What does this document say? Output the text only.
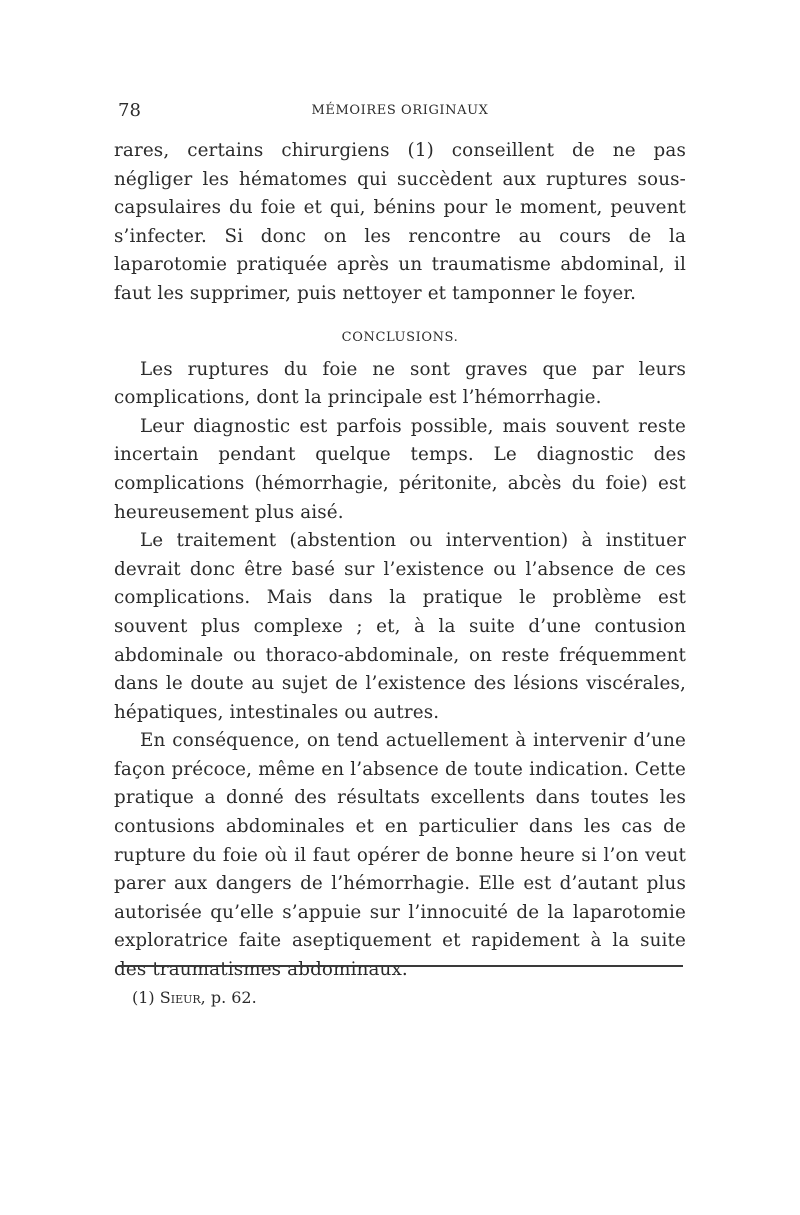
78	MÉMOIRES ORIGINAUX

rares, certains chirurgiens (1) conseillent de ne pas négliger les hématomes qui succèdent aux ruptures sous-capsulaires du foie et qui, bénins pour le moment, peuvent s’infecter. Si donc on les rencontre au cours de la laparotomie pratiquée après un traumatisme abdominal, il faut les supprimer, puis nettoyer et tamponner le foyer.

CONCLUSIONS.

Les ruptures du foie ne sont graves que par leurs complications, dont la principale est l’hémorrhagie.

Leur diagnostic est parfois possible, mais souvent reste incertain pendant quelque temps. Le diagnostic des complications (hémorrhagie, péritonite, abcès du foie) est heureusement plus aisé.

Le traitement (abstention ou intervention) à instituer devrait donc être basé sur l’existence ou l’absence de ces complications. Mais dans la pratique le problème est souvent plus complexe ; et, à la suite d’une contusion abdominale ou thoraco-abdominale, on reste fréquemment dans le doute au sujet de l’existence des lésions viscérales, hépatiques, intestinales ou autres.

En conséquence, on tend actuellement à intervenir d’une façon précoce, même en l’absence de toute indication. Cette pratique a donné des résultats excellents dans toutes les contusions abdominales et en particulier dans les cas de rupture du foie où il faut opérer de bonne heure si l’on veut parer aux dangers de l’hémorrhagie. Elle est d’autant plus autorisée qu’elle s’appuie sur l’innocuité de la laparotomie exploratrice faite aseptiquement et rapidement à la suite des traumatismes abdominaux.

(1) Sieur, p. 62.
